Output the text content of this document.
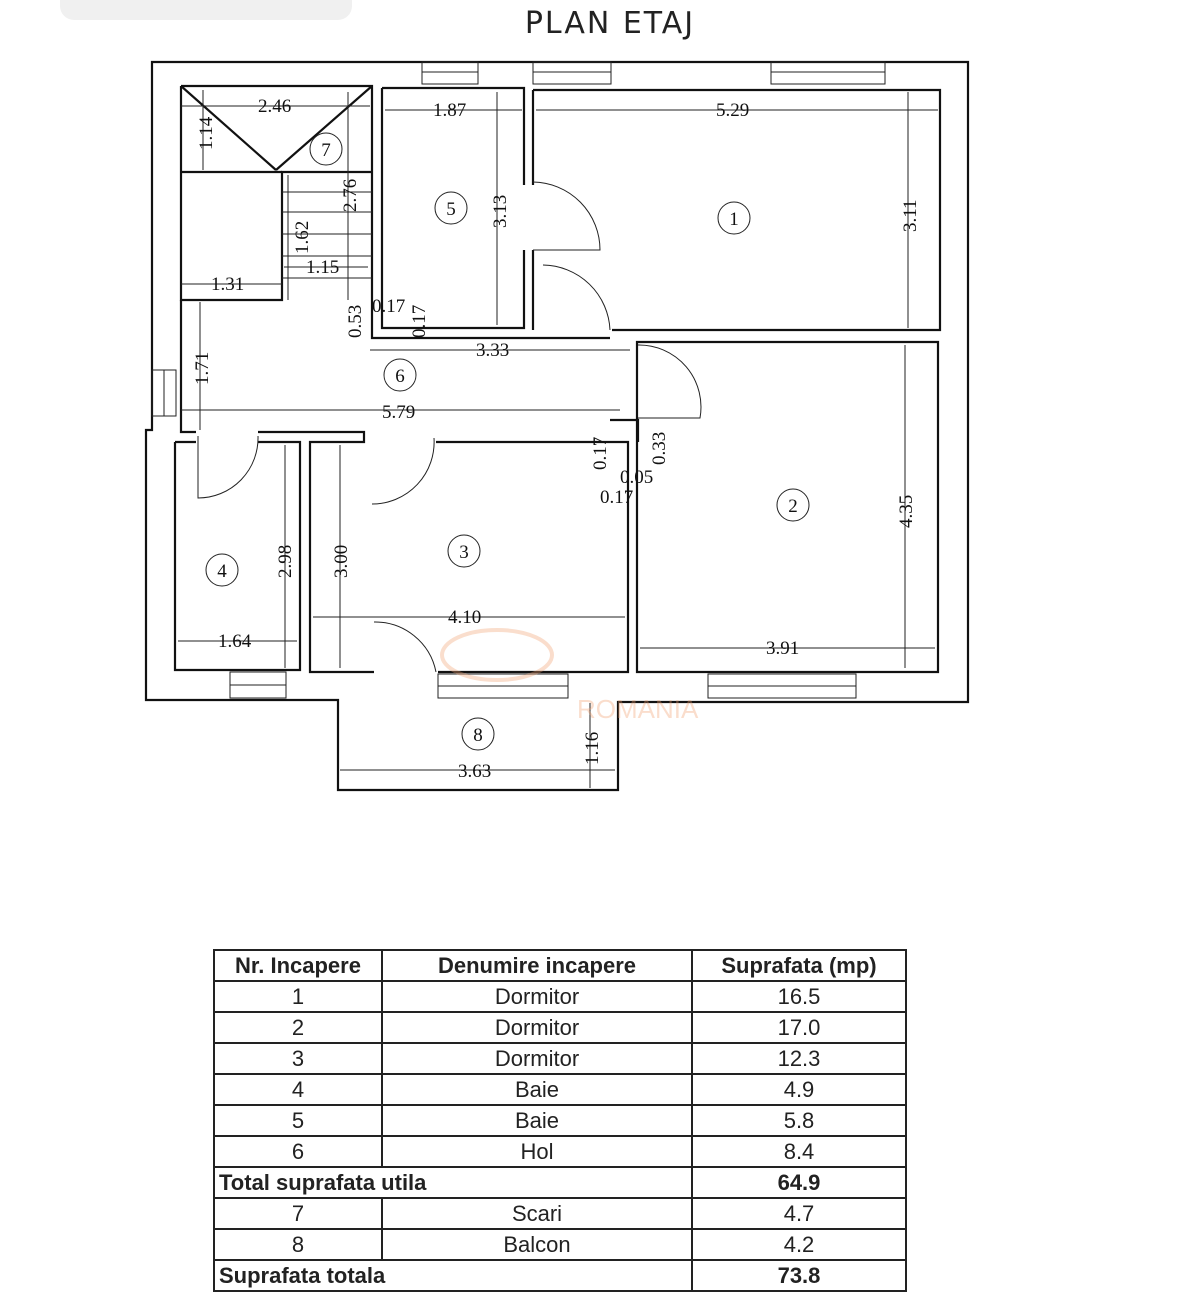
PLAN ETAJ
1
2
3
4
5
6
7
8
2.46
1.14
1.87	5.29
3.13	3.11
2.76
1.62
1.15
1.31
0.53 0.17 0.17
3.33
1.71
5.79
0.17 0.33
0.05
0.17
2.98 3.00
4.35
4.10
1.64	3.91
1.16
3.63
ROMANIA
Nr. Incapere	Denumire incapere	Suprafata (mp)
1	Dormitor	16.5
2	Dormitor	17.0
3	Dormitor	12.3
4	Baie	4.9
5	Baie	5.8
6	Hol	8.4
Total suprafata utila		64.9
7	Scari	4.7
8	Balcon	4.2
Suprafata totala		73.8
